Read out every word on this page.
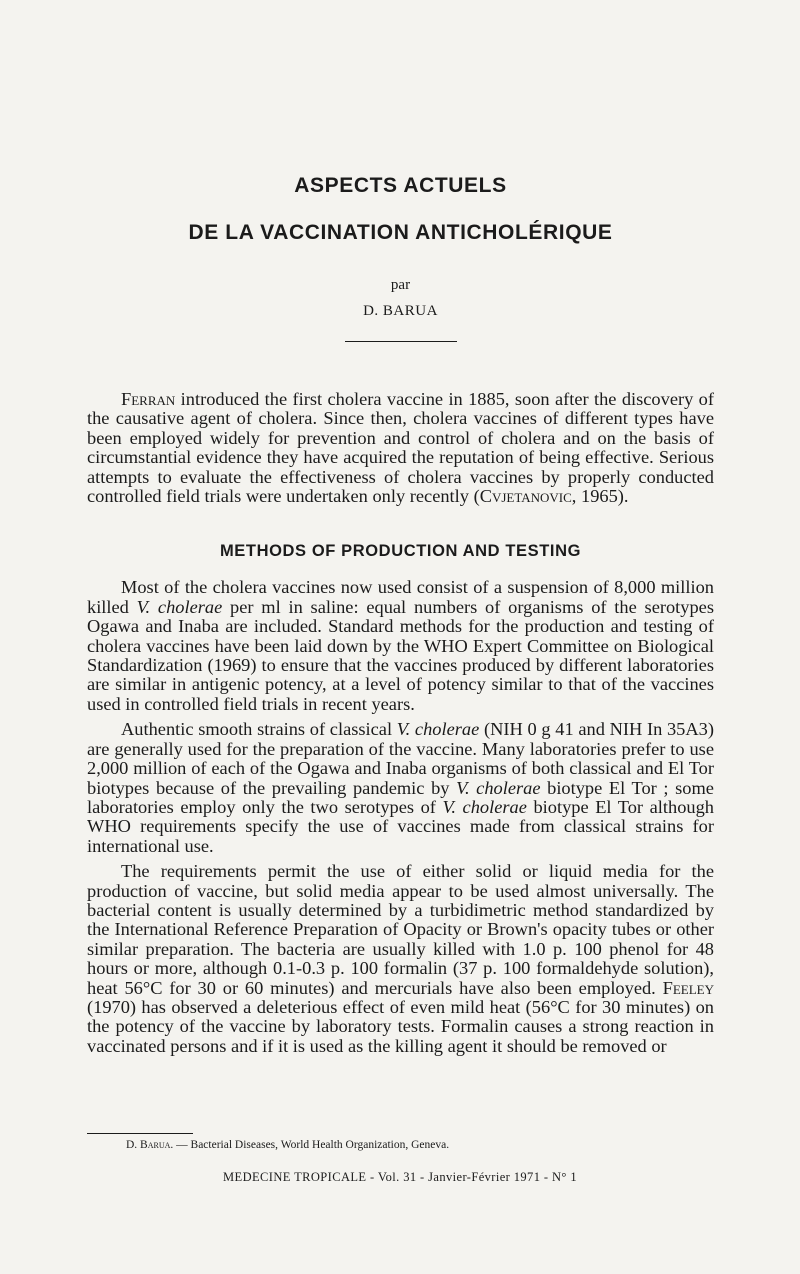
ASPECTS ACTUELS
DE LA VACCINATION ANTICHOLÉRIQUE
par
D. BARUA

Ferran introduced the first cholera vaccine in 1885, soon after the discovery of the causative agent of cholera. Since then, cholera vaccines of different types have been employed widely for prevention and control of cholera and on the basis of circumstantial evidence they have acquired the reputation of being effective. Serious attempts to evaluate the effectiveness of cholera vaccines by properly conducted controlled field trials were undertaken only recently (Cvjetanovic, 1965).

METHODS OF PRODUCTION AND TESTING

Most of the cholera vaccines now used consist of a suspension of 8,000 million killed V. cholerae per ml in saline: equal numbers of organisms of the serotypes Ogawa and Inaba are included. Standard methods for the production and testing of cholera vaccines have been laid down by the WHO Expert Committee on Biological Standardization (1969) to ensure that the vaccines produced by different laboratories are similar in antigenic potency, at a level of potency similar to that of the vaccines used in controlled field trials in recent years.

Authentic smooth strains of classical V. cholerae (NIH 0 g 41 and NIH In 35A3) are generally used for the preparation of the vaccine. Many laboratories prefer to use 2,000 million of each of the Ogawa and Inaba organisms of both classical and El Tor biotypes because of the prevailing pandemic by V. cholerae biotype El Tor ; some laboratories employ only the two serotypes of V. cholerae biotype El Tor although WHO requirements specify the use of vaccines made from classical strains for international use.

The requirements permit the use of either solid or liquid media for the production of vaccine, but solid media appear to be used almost universally. The bacterial content is usually determined by a turbidimetric method standardized by the International Reference Preparation of Opacity or Brown's opacity tubes or other similar preparation. The bacteria are usually killed with 1.0 p. 100 phenol for 48 hours or more, although 0.1-0.3 p. 100 formalin (37 p. 100 formaldehyde solution), heat 56°C for 30 or 60 minutes) and mercurials have also been employed. Feeley (1970) has observed a deleterious effect of even mild heat (56°C for 30 minutes) on the potency of the vaccine by laboratory tests. Formalin causes a strong reaction in vaccinated persons and if it is used as the killing agent it should be removed or

D. Barua. — Bacterial Diseases, World Health Organization, Geneva.
MEDECINE TROPICALE - Vol. 31 - Janvier-Février 1971 - N° 1
